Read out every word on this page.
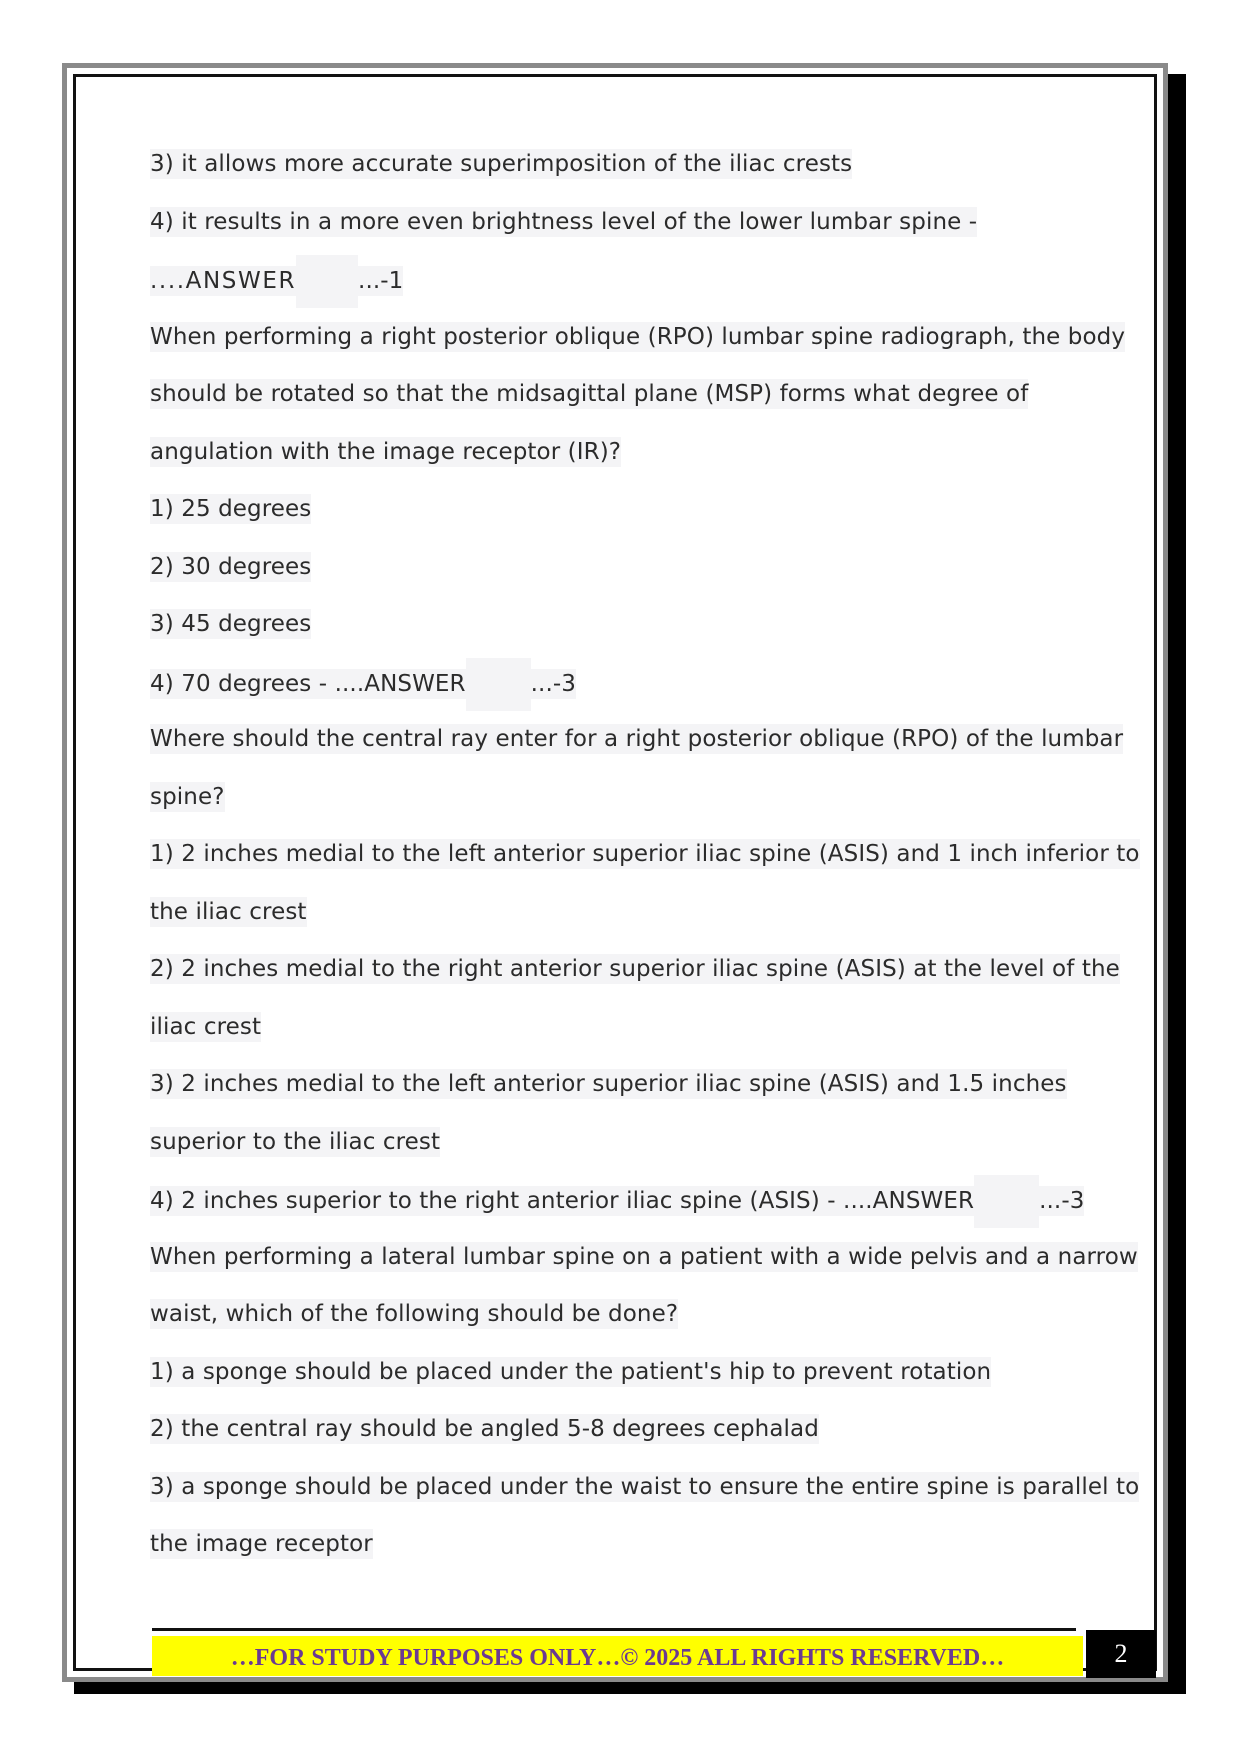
3) it allows more accurate superimposition of the iliac crests
4) it results in a more even brightness level of the lower lumbar spine -
....ANSWER	...-1
When performing a right posterior oblique (RPO) lumbar spine radiograph, the body
should be rotated so that the midsagittal plane (MSP) forms what degree of
angulation with the image receptor (IR)?
1) 25 degrees
2) 30 degrees
3) 45 degrees
4) 70 degrees - ....ANSWER	...-3
Where should the central ray enter for a right posterior oblique (RPO) of the lumbar
spine?
1) 2 inches medial to the left anterior superior iliac spine (ASIS) and 1 inch inferior to
the iliac crest
2) 2 inches medial to the right anterior superior iliac spine (ASIS) at the level of the
iliac crest
3) 2 inches medial to the left anterior superior iliac spine (ASIS) and 1.5 inches
superior to the iliac crest
4) 2 inches superior to the right anterior iliac spine (ASIS) - ....ANSWER	...-3
When performing a lateral lumbar spine on a patient with a wide pelvis and a narrow
waist, which of the following should be done?
1) a sponge should be placed under the patient's hip to prevent rotation
2) the central ray should be angled 5-8 degrees cephalad
3) a sponge should be placed under the waist to ensure the entire spine is parallel to
the image receptor
…FOR STUDY PURPOSES ONLY…© 2025 ALL RIGHTS RESERVED…	2
